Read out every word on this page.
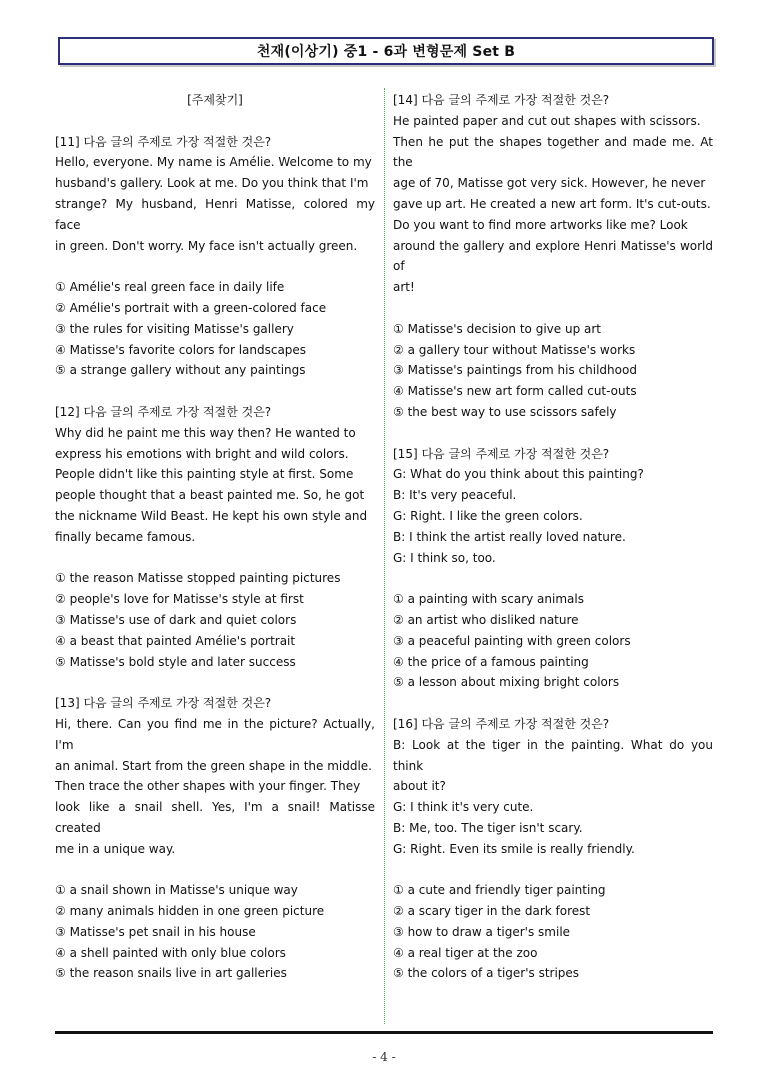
천재(이상기) 중1 - 6과 변형문제 Set B
[주제찾기]
[11] 다음 글의 주제로 가장 적절한 것은?
Hello, everyone. My name is Amélie. Welcome to my
husband's gallery. Look at me. Do you think that I'm
strange? My husband, Henri Matisse, colored my face
in green. Don't worry. My face isn't actually green.
① Amélie's real green face in daily life
② Amélie's portrait with a green-colored face
③ the rules for visiting Matisse's gallery
④ Matisse's favorite colors for landscapes
⑤ a strange gallery without any paintings
[12] 다음 글의 주제로 가장 적절한 것은?
Why did he paint me this way then? He wanted to
express his emotions with bright and wild colors.
People didn't like this painting style at first. Some
people thought that a beast painted me. So, he got
the nickname Wild Beast. He kept his own style and
finally became famous.
① the reason Matisse stopped painting pictures
② people's love for Matisse's style at first
③ Matisse's use of dark and quiet colors
④ a beast that painted Amélie's portrait
⑤ Matisse's bold style and later success
[13] 다음 글의 주제로 가장 적절한 것은?
Hi, there. Can you find me in the picture? Actually, I'm
an animal. Start from the green shape in the middle.
Then trace the other shapes with your finger. They
look like a snail shell. Yes, I'm a snail! Matisse created
me in a unique way.
① a snail shown in Matisse's unique way
② many animals hidden in one green picture
③ Matisse's pet snail in his house
④ a shell painted with only blue colors
⑤ the reason snails live in art galleries
[14] 다음 글의 주제로 가장 적절한 것은?
He painted paper and cut out shapes with scissors.
Then he put the shapes together and made me. At the
age of 70, Matisse got very sick. However, he never
gave up art. He created a new art form. It's cut-outs.
Do you want to find more artworks like me? Look
around the gallery and explore Henri Matisse's world of
art!
① Matisse's decision to give up art
② a gallery tour without Matisse's works
③ Matisse's paintings from his childhood
④ Matisse's new art form called cut-outs
⑤ the best way to use scissors safely
[15] 다음 글의 주제로 가장 적절한 것은?
G: What do you think about this painting?
B: It's very peaceful.
G: Right. I like the green colors.
B: I think the artist really loved nature.
G: I think so, too.
① a painting with scary animals
② an artist who disliked nature
③ a peaceful painting with green colors
④ the price of a famous painting
⑤ a lesson about mixing bright colors
[16] 다음 글의 주제로 가장 적절한 것은?
B: Look at the tiger in the painting. What do you think
about it?
G: I think it's very cute.
B: Me, too. The tiger isn't scary.
G: Right. Even its smile is really friendly.
① a cute and friendly tiger painting
② a scary tiger in the dark forest
③ how to draw a tiger's smile
④ a real tiger at the zoo
⑤ the colors of a tiger's stripes
- 4 -
